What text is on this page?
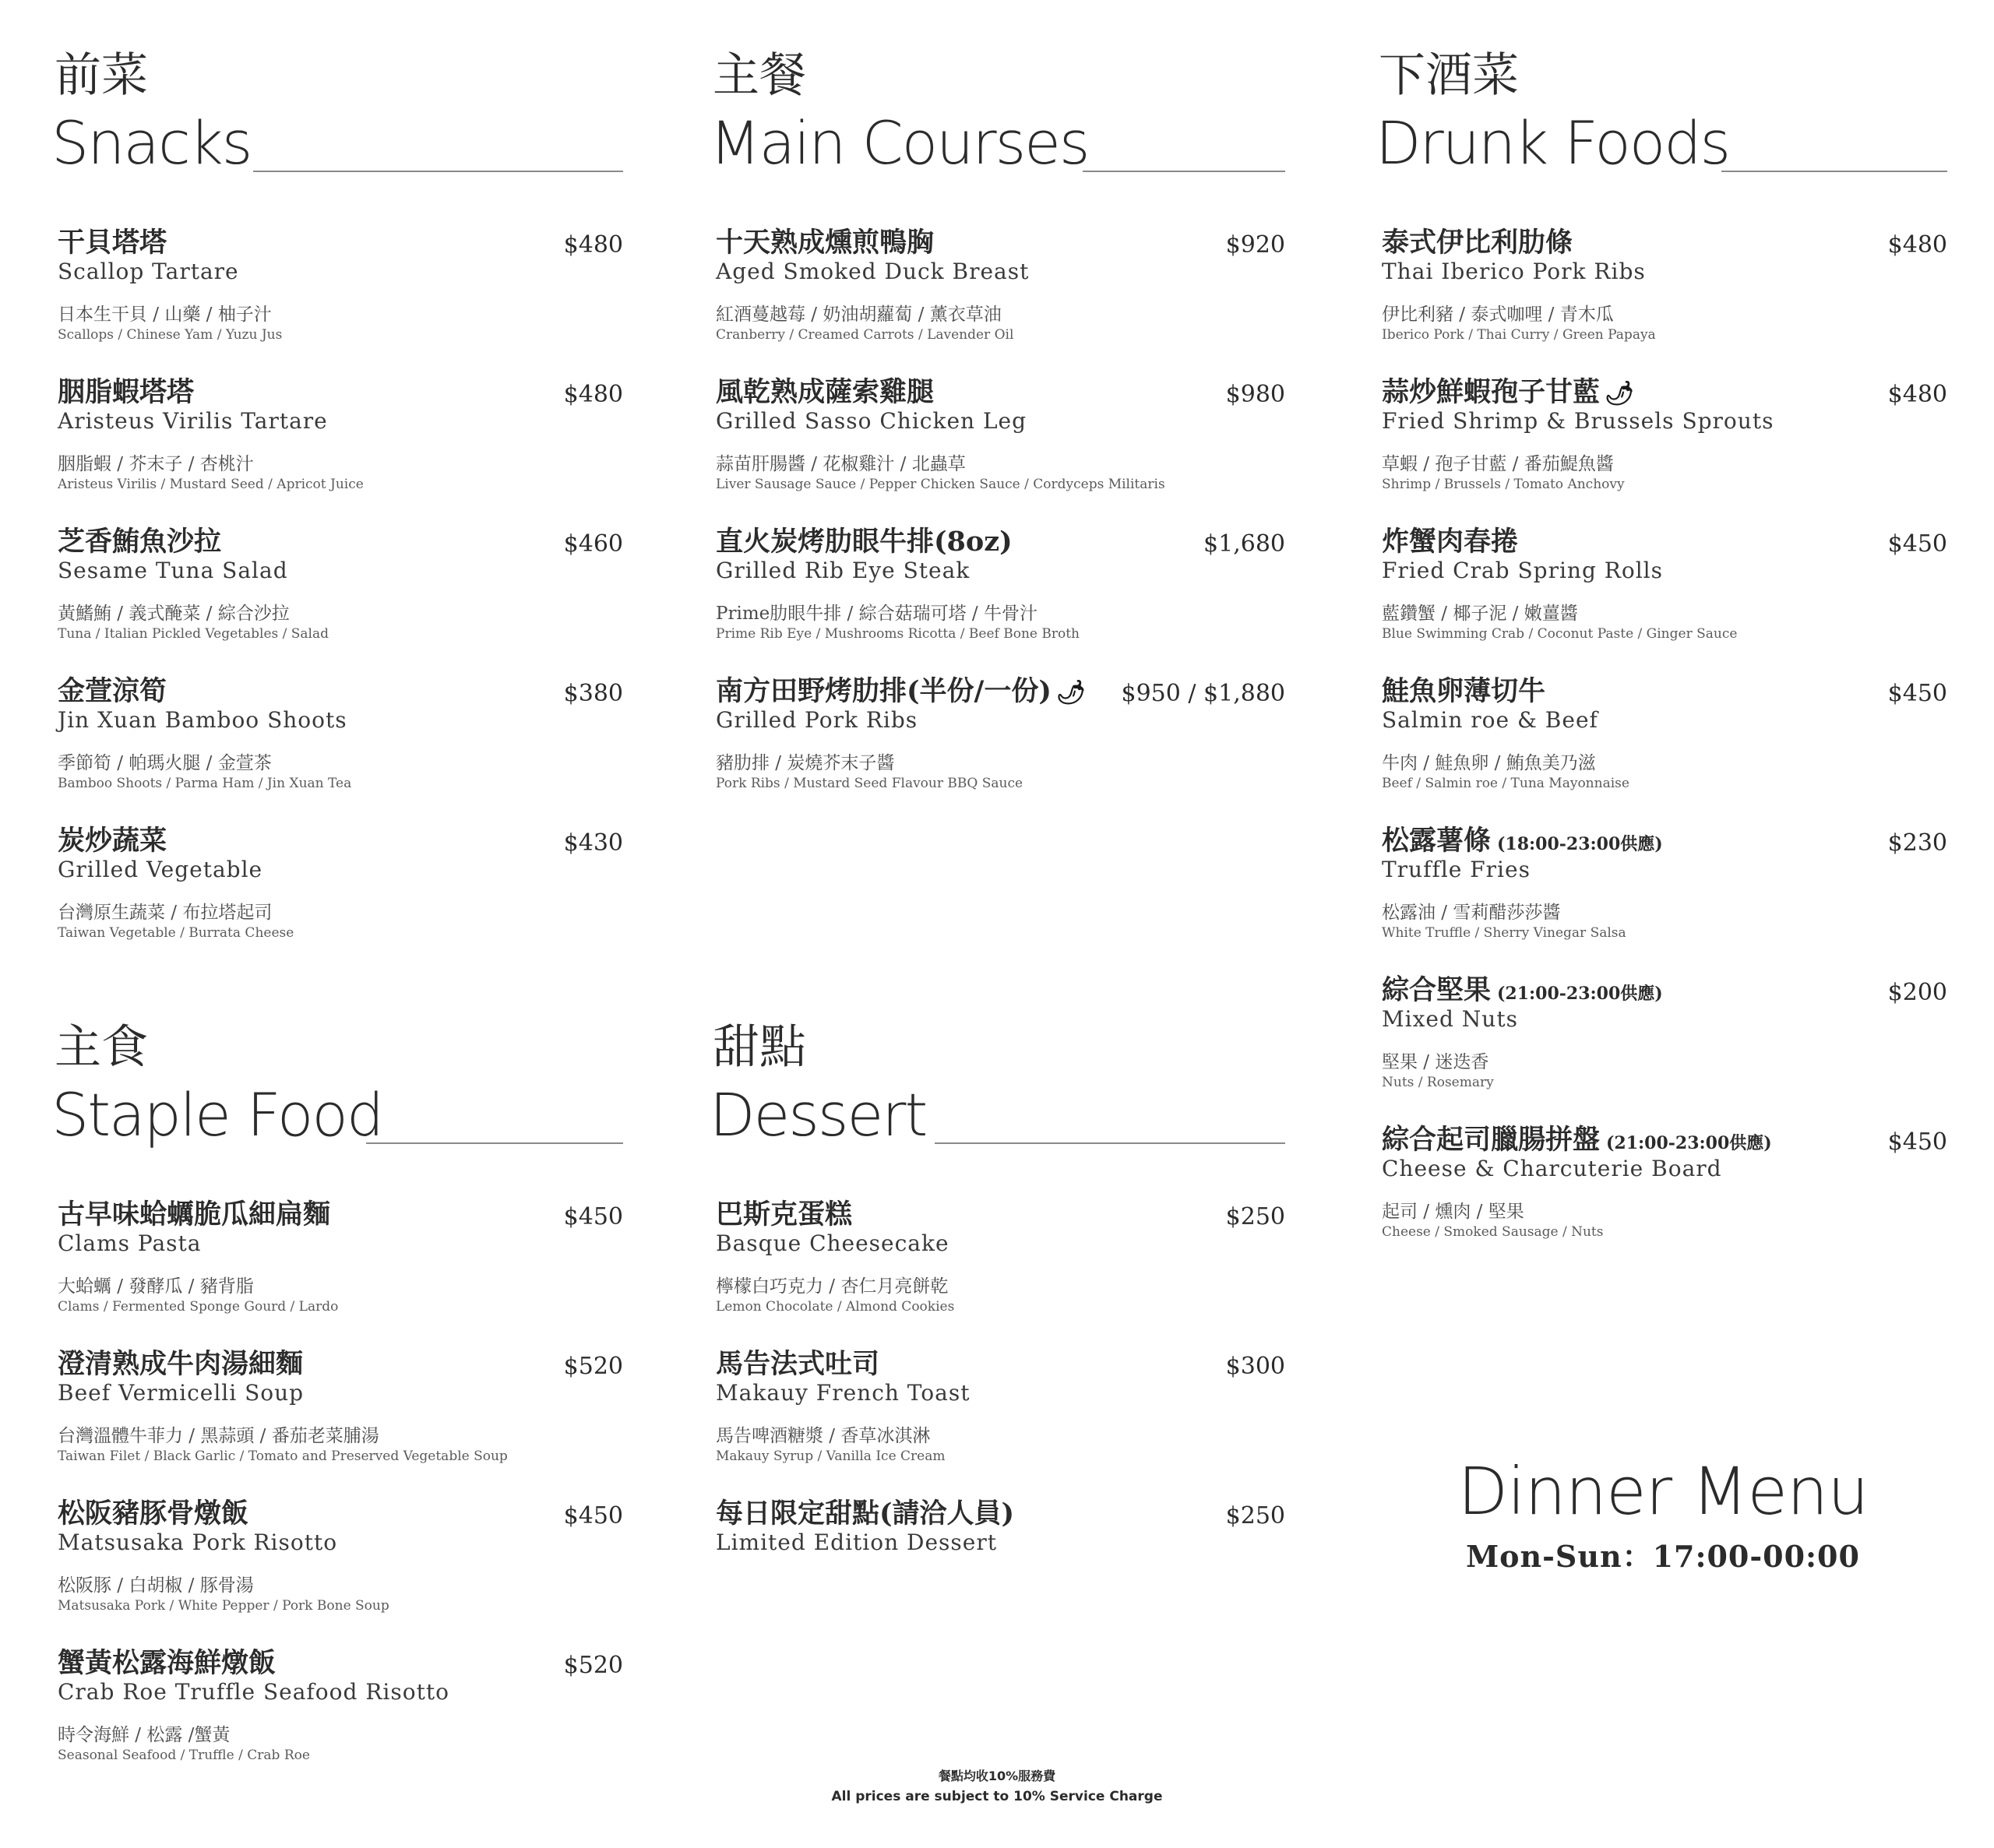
前菜
Snacks
干貝塔塔
Scallop Tartare
$480
日本生干貝 / 山藥 / 柚子汁
Scallops / Chinese Yam / Yuzu Jus
胭脂蝦塔塔
Aristeus Virilis Tartare
$480
胭脂蝦 / 芥末子 / 杏桃汁
Aristeus Virilis / Mustard Seed / Apricot Juice
芝香鮪魚沙拉
Sesame Tuna Salad
$460
黃鰭鮪 / 義式醃菜 / 綜合沙拉
Tuna / Italian Pickled Vegetables / Salad
金萱涼筍
Jin Xuan Bamboo Shoots
$380
季節筍 / 帕瑪火腿 / 金萱茶
Bamboo Shoots / Parma Ham / Jin Xuan Tea
炭炒蔬菜
Grilled Vegetable
$430
台灣原生蔬菜 / 布拉塔起司
Taiwan Vegetable / Burrata Cheese
主餐
Main Courses
十天熟成燻煎鴨胸
Aged Smoked Duck Breast
$920
紅酒蔓越莓 / 奶油胡蘿蔔 / 薰衣草油
Cranberry / Creamed Carrots / Lavender Oil
風乾熟成薩索雞腿
Grilled Sasso Chicken Leg
$980
蒜苗肝腸醬 / 花椒雞汁 / 北蟲草
Liver Sausage Sauce / Pepper Chicken Sauce / Cordyceps Militaris
直火炭烤肋眼牛排(8oz)
Grilled Rib Eye Steak
$1,680
Prime肋眼牛排 / 綜合菇瑞可塔 / 牛骨汁
Prime Rib Eye / Mushrooms Ricotta / Beef Bone Broth
南方田野烤肋排(半份/一份) 🌶
Grilled Pork Ribs
$950 / $1,880
豬肋排 / 炭燒芥末子醬
Pork Ribs / Mustard Seed Flavour BBQ Sauce
下酒菜
Drunk Foods
泰式伊比利肋條
Thai Iberico Pork Ribs
$480
伊比利豬 / 泰式咖哩 / 青木瓜
Iberico Pork / Thai Curry / Green Papaya
蒜炒鮮蝦孢子甘藍 🌶
Fried Shrimp & Brussels Sprouts
$480
草蝦 / 孢子甘藍 / 番茄鯷魚醬
Shrimp / Brussels / Tomato Anchovy
炸蟹肉春捲
Fried Crab Spring Rolls
$450
藍鑽蟹 / 椰子泥 / 嫩薑醬
Blue Swimming Crab / Coconut Paste / Ginger Sauce
鮭魚卵薄切牛
Salmin roe & Beef
$450
牛肉 / 鮭魚卵 / 鮪魚美乃滋
Beef / Salmin roe / Tuna Mayonnaise
松露薯條 (18:00-23:00供應)
Truffle Fries
$230
松露油 / 雪莉醋莎莎醬
White Truffle / Sherry Vinegar Salsa
綜合堅果 (21:00-23:00供應)
Mixed Nuts
$200
堅果 / 迷迭香
Nuts / Rosemary
綜合起司臘腸拼盤 (21:00-23:00供應)
Cheese & Charcuterie Board
$450
起司 / 燻肉 / 堅果
Cheese / Smoked Sausage / Nuts
主食
Staple Food
古早味蛤蠣脆瓜細扁麵
Clams Pasta
$450
大蛤蠣 / 發酵瓜 / 豬背脂
Clams / Fermented Sponge Gourd / Lardo
澄清熟成牛肉湯細麵
Beef Vermicelli Soup
$520
台灣溫體牛菲力 / 黑蒜頭 / 番茄老菜脯湯
Taiwan Filet / Black Garlic / Tomato and Preserved Vegetable Soup
松阪豬豚骨燉飯
Matsusaka Pork Risotto
$450
松阪豚 / 白胡椒 / 豚骨湯
Matsusaka Pork / White Pepper / Pork Bone Soup
蟹黃松露海鮮燉飯
Crab Roe Truffle Seafood Risotto
$520
時令海鮮 / 松露 /蟹黃
Seasonal Seafood / Truffle / Crab Roe
甜點
Dessert
巴斯克蛋糕
Basque Cheesecake
$250
檸檬白巧克力 / 杏仁月亮餅乾
Lemon Chocolate / Almond Cookies
馬告法式吐司
Makauy French Toast
$300
馬告啤酒糖漿 / 香草冰淇淋
Makauy Syrup / Vanilla Ice Cream
每日限定甜點(請洽人員)
Limited Edition Dessert
$250	Dinner Menu
Mon-Sun：17:00-00:00
餐點均收10%服務費
All prices are subject to 10% Service Charge
